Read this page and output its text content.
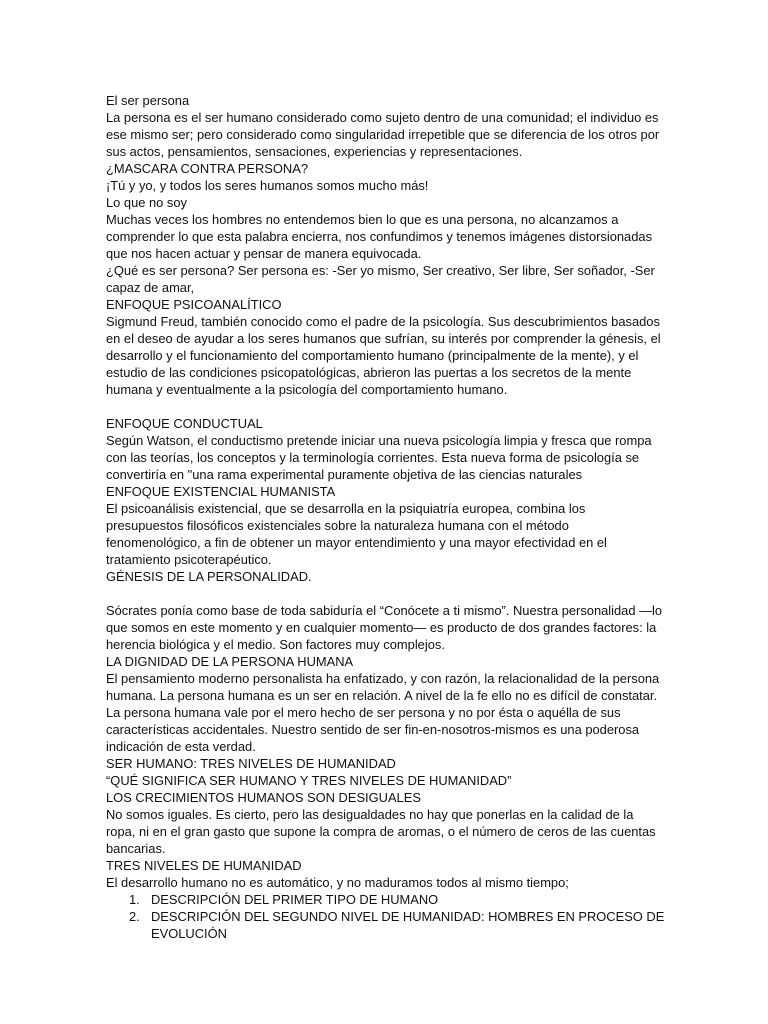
El ser persona

La persona es el ser humano considerado como sujeto dentro de una comunidad; el individuo es ese mismo ser; pero considerado como singularidad irrepetible que se diferencia de los otros por sus actos, pensamientos, sensaciones, experiencias y representaciones.

¿MASCARA CONTRA PERSONA?

¡Tú y yo, y todos los seres humanos somos mucho más!

Lo que no soy

Muchas veces los hombres no entendemos bien lo que es una persona, no alcanzamos a comprender lo que esta palabra encierra, nos confundimos y tenemos imágenes distorsionadas que nos hacen actuar y pensar de manera equivocada.

¿Qué es ser persona? Ser persona es: -Ser yo mismo, Ser creativo, Ser libre, Ser soñador, -Ser capaz de amar,

ENFOQUE PSICOANALÍTICO

Sigmund Freud, también conocido como el padre de la psicología. Sus descubrimientos basados en el deseo de ayudar a los seres humanos que sufrían, su interés por comprender la génesis, el desarrollo y el funcionamiento del comportamiento humano (principalmente de la mente), y el estudio de las condiciones psicopatológicas, abrieron las puertas a los secretos de la mente humana y eventualmente a la psicología del comportamiento humano.

ENFOQUE CONDUCTUAL

Según Watson, el conductismo pretende iniciar una nueva psicología limpia y fresca que rompa con las teorías, los conceptos y la terminología corrientes. Esta nueva forma de psicología se convertiría en "una rama experimental puramente objetiva de las ciencias naturales

ENFOQUE EXISTENCIAL HUMANISTA

El psicoanálisis existencial, que se desarrolla en la psiquiatría europea, combina los presupuestos filosóficos existenciales sobre la naturaleza humana con el método fenomenológico, a fin de obtener un mayor entendimiento y una mayor efectividad en el tratamiento psicoterapéutico.

GÉNESIS DE LA PERSONALIDAD.

Sócrates ponía como base de toda sabiduría el “Conócete a ti mismo”. Nuestra personalidad —lo que somos en este momento y en cualquier momento— es producto de dos grandes factores: la herencia biológica y el medio. Son factores muy complejos.

LA DIGNIDAD DE LA PERSONA HUMANA

El pensamiento moderno personalista ha enfatizado, y con razón, la relacionalidad de la persona humana. La persona humana es un ser en relación. A nivel de la fe ello no es difícil de constatar.

La persona humana vale por el mero hecho de ser persona y no por ésta o aquélla de sus características accidentales. Nuestro sentido de ser fin-en-nosotros-mismos es una poderosa indicación de esta verdad.

SER HUMANO: TRES NIVELES DE HUMANIDAD

“QUÉ SIGNIFICA SER HUMANO Y TRES NIVELES DE HUMANIDAD”

LOS CRECIMIENTOS HUMANOS SON DESIGUALES

No somos iguales. Es cierto, pero las desigualdades no hay que ponerlas en la calidad de la ropa, ni en el gran gasto que supone la compra de aromas, o el número de ceros de las cuentas bancarias.

TRES NIVELES DE HUMANIDAD

El desarrollo humano no es automático, y no maduramos todos al mismo tiempo;

1. DESCRIPCIÓN DEL PRIMER TIPO DE HUMANO
2. DESCRIPCIÓN DEL SEGUNDO NIVEL DE HUMANIDAD: HOMBRES EN PROCESO DE EVOLUCIÓN
